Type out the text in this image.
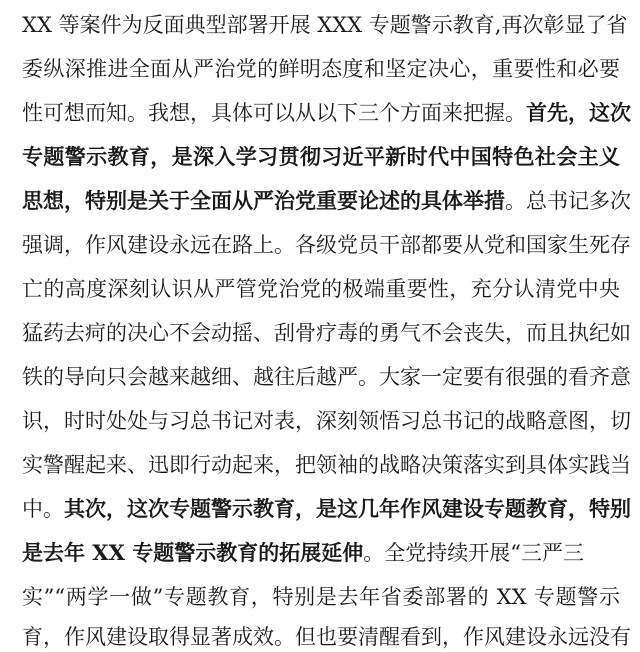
XX 等案件为反面典型部署开展 XXX 专题警示教育,再次彰显了省
委纵深推进全面从严治党的鲜明态度和坚定决心，重要性和必要
性可想而知。我想，具体可以从以下三个方面来把握。首先，这次
专题警示教育，是深入学习贯彻习近平新时代中国特色社会主义
思想，特别是关于全面从严治党重要论述的具体举措。总书记多次
强调，作风建设永远在路上。各级党员干部都要从党和国家生死存
亡的高度深刻认识从严管党治党的极端重要性，充分认清党中央
猛药去疴的决心不会动摇、刮骨疗毒的勇气不会丧失，而且执纪如
铁的导向只会越来越细、越往后越严。大家一定要有很强的看齐意
识，时时处处与习总书记对表，深刻领悟习总书记的战略意图，切
实警醒起来、迅即行动起来，把领袖的战略决策落实到具体实践当
中。其次，这次专题警示教育，是这几年作风建设专题教育，特别
是去年 XX 专题警示教育的拓展延伸。全党持续开展“三严三
实”“两学一做”专题教育，特别是去年省委部署的 XX 专题警示
育，作风建设取得显著成效。但也要清醒看到，作风建设永远没有
